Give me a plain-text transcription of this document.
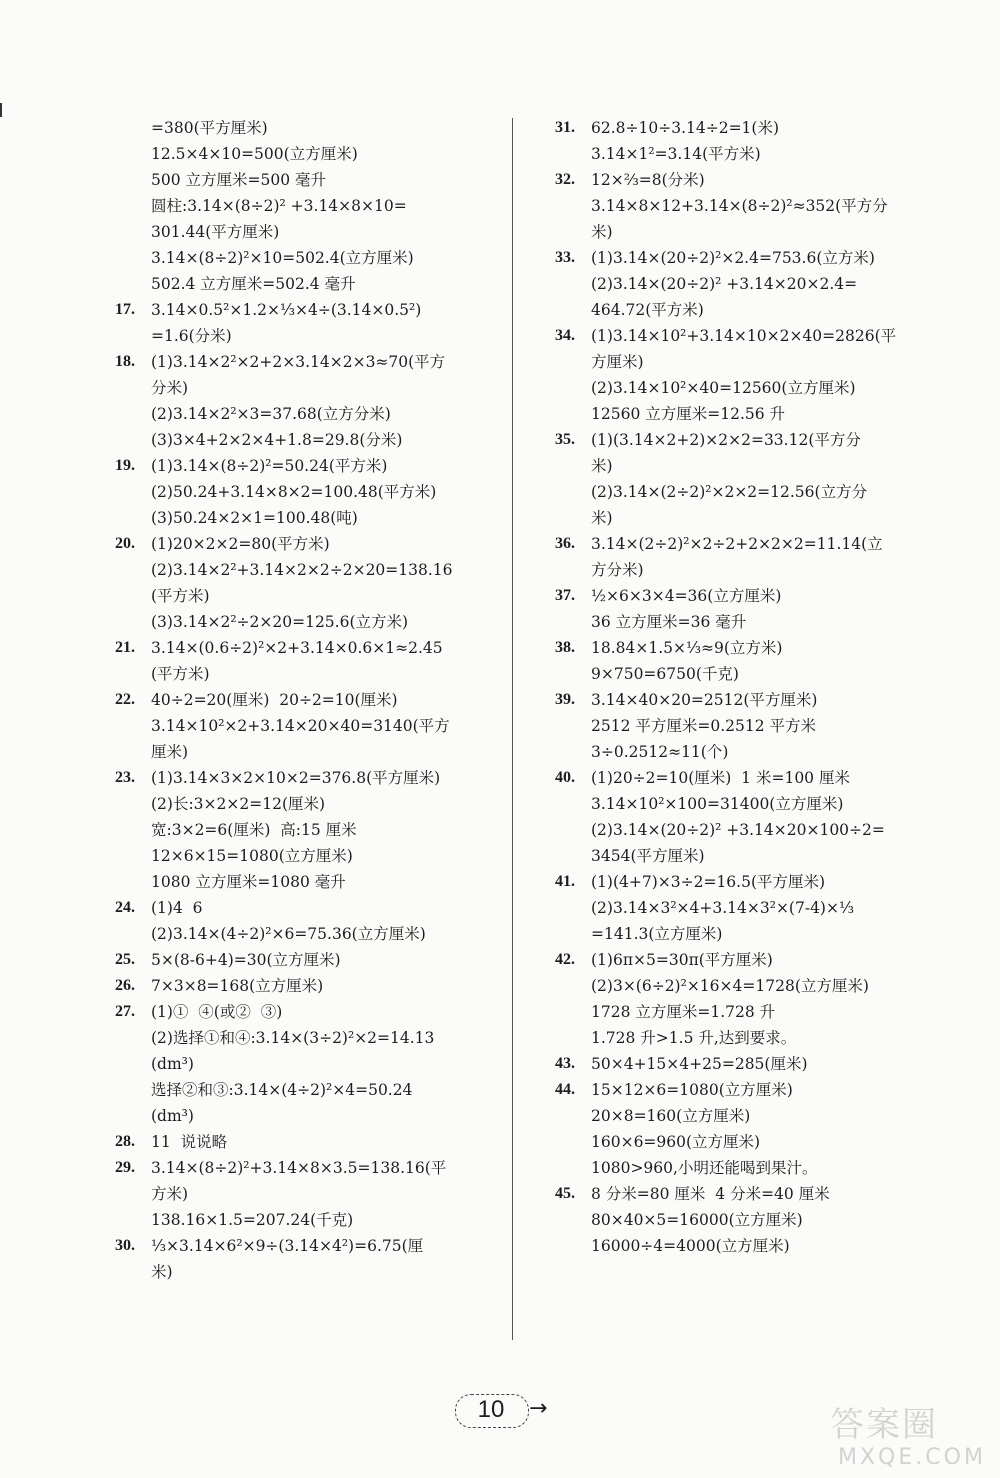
=380(平方厘米)
12.5×4×10=500(立方厘米)
500 立方厘米=500 毫升
圆柱:3.14×(8÷2)² +3.14×8×10=
301.44(平方厘米)
3.14×(8÷2)²×10=502.4(立方厘米)
502.4 立方厘米=502.4 毫升
17.	3.14×0.5²×1.2×⅓×4÷(3.14×0.5²)
=1.6(分米)
18.	(1)3.14×2²×2+2×3.14×2×3≈70(平方
分米)
(2)3.14×2²×3=37.68(立方分米)
(3)3×4+2×2×4+1.8=29.8(分米)
19.	(1)3.14×(8÷2)²=50.24(平方米)
(2)50.24+3.14×8×2=100.48(平方米)
(3)50.24×2×1=100.48(吨)
20.	(1)20×2×2=80(平方米)
(2)3.14×2²+3.14×2×2÷2×20=138.16
(平方米)
(3)3.14×2²÷2×20=125.6(立方米)
21.	3.14×(0.6÷2)²×2+3.14×0.6×1≈2.45
(平方米)
22.	40÷2=20(厘米)  20÷2=10(厘米)
3.14×10²×2+3.14×20×40=3140(平方
厘米)
23.	(1)3.14×3×2×10×2=376.8(平方厘米)
(2)长:3×2×2=12(厘米)
宽:3×2=6(厘米)  高:15 厘米
12×6×15=1080(立方厘米)
1080 立方厘米=1080 毫升
24.	(1)4  6
(2)3.14×(4÷2)²×6=75.36(立方厘米)
25.	5×(8-6+4)=30(立方厘米)
26.	7×3×8=168(立方厘米)
27.	(1)①  ④(或②  ③)
(2)选择①和④:3.14×(3÷2)²×2=14.13
(dm³)
选择②和③:3.14×(4÷2)²×4=50.24
(dm³)
28.	11  说说略
29.	3.14×(8÷2)²+3.14×8×3.5=138.16(平
方米)
138.16×1.5=207.24(千克)
30.	⅓×3.14×6²×9÷(3.14×4²)=6.75(厘
米)
31.	62.8÷10÷3.14÷2=1(米)
3.14×1²=3.14(平方米)
32.	12×⅔=8(分米)
3.14×8×12+3.14×(8÷2)²≈352(平方分
米)
33.	(1)3.14×(20÷2)²×2.4=753.6(立方米)
(2)3.14×(20÷2)² +3.14×20×2.4=
464.72(平方米)
34.	(1)3.14×10²+3.14×10×2×40=2826(平
方厘米)
(2)3.14×10²×40=12560(立方厘米)
12560 立方厘米=12.56 升
35.	(1)(3.14×2+2)×2×2=33.12(平方分
米)
(2)3.14×(2÷2)²×2×2=12.56(立方分
米)
36.	3.14×(2÷2)²×2÷2+2×2×2=11.14(立
方分米)
37.	½×6×3×4=36(立方厘米)
36 立方厘米=36 毫升
38.	18.84×1.5×⅓≈9(立方米)
9×750=6750(千克)
39.	3.14×40×20=2512(平方厘米)
2512 平方厘米=0.2512 平方米
3÷0.2512≈11(个)
40.	(1)20÷2=10(厘米)  1 米=100 厘米
3.14×10²×100=31400(立方厘米)
(2)3.14×(20÷2)² +3.14×20×100÷2=
3454(平方厘米)
41.	(1)(4+7)×3÷2=16.5(平方厘米)
(2)3.14×3²×4+3.14×3²×(7-4)×⅓
=141.3(立方厘米)
42.	(1)6π×5=30π(平方厘米)
(2)3×(6÷2)²×16×4=1728(立方厘米)
1728 立方厘米=1.728 升
1.728 升>1.5 升,达到要求。
43.	50×4+15×4+25=285(厘米)
44.	15×12×6=1080(立方厘米)
20×8=160(立方厘米)
160×6=960(立方厘米)
1080>960,小明还能喝到果汁。
45.	8 分米=80 厘米  4 分米=40 厘米
80×40×5=16000(立方厘米)
16000÷4=4000(立方厘米)
10	→	答案圈
MXQE.COM
